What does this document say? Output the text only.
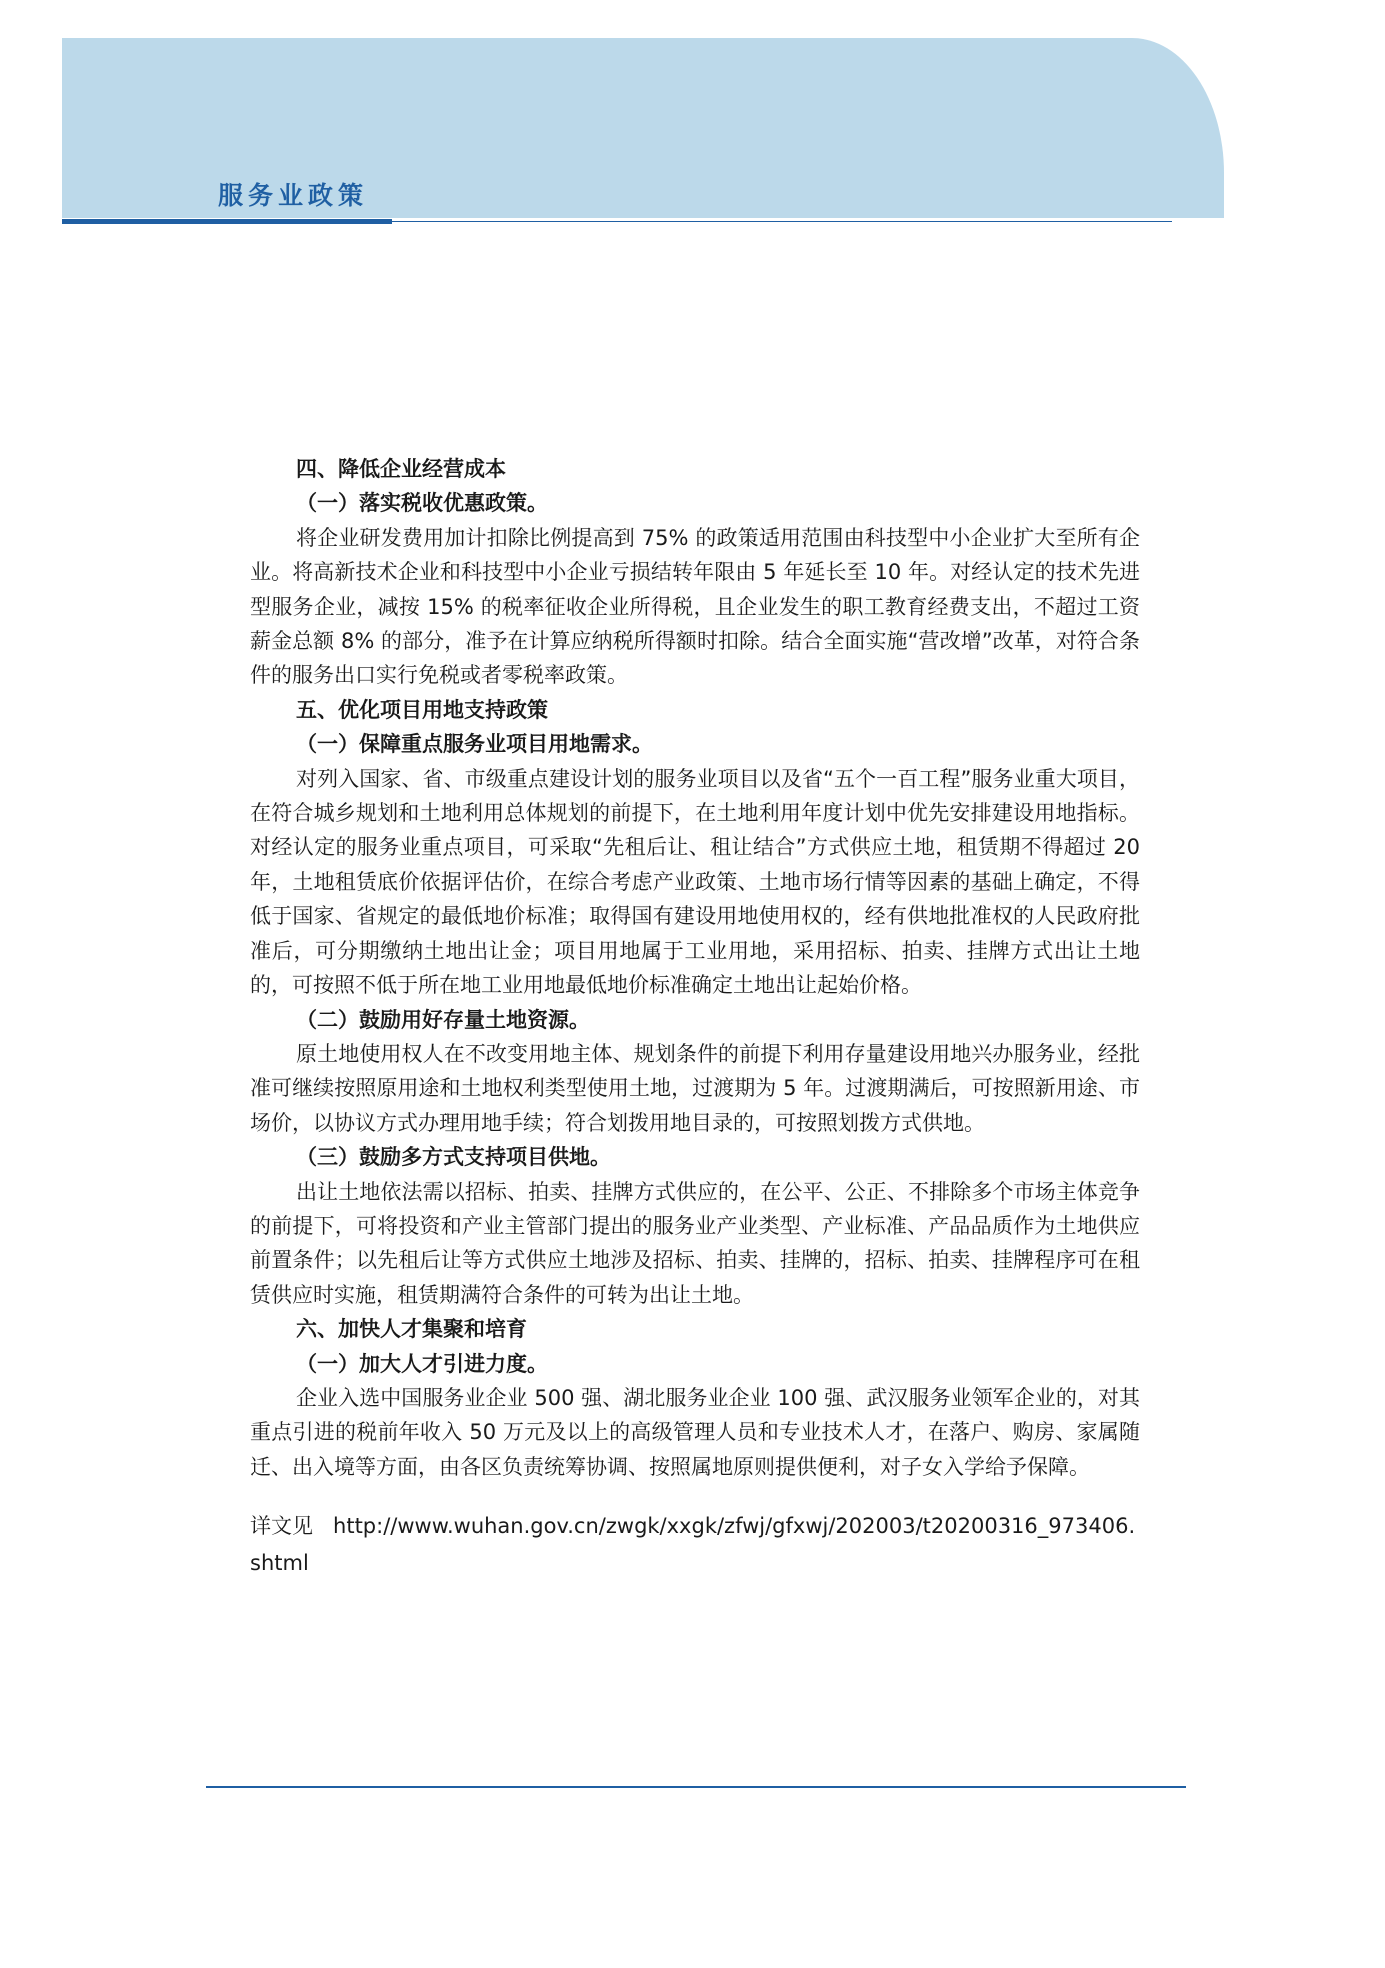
服务业政策
四、降低企业经营成本
（一）落实税收优惠政策。
将企业研发费用加计扣除比例提高到 75% 的政策适用范围由科技型中小企业扩大至所有企业。将高新技术企业和科技型中小企业亏损结转年限由 5 年延长至 10 年。对经认定的技术先进型服务企业，减按 15% 的税率征收企业所得税，且企业发生的职工教育经费支出，不超过工资薪金总额 8% 的部分，准予在计算应纳税所得额时扣除。结合全面实施“营改增”改革，对符合条件的服务出口实行免税或者零税率政策。
五、优化项目用地支持政策
（一）保障重点服务业项目用地需求。
对列入国家、省、市级重点建设计划的服务业项目以及省“五个一百工程”服务业重大项目，在符合城乡规划和土地利用总体规划的前提下，在土地利用年度计划中优先安排建设用地指标。对经认定的服务业重点项目，可采取“先租后让、租让结合”方式供应土地，租赁期不得超过 20 年，土地租赁底价依据评估价，在综合考虑产业政策、土地市场行情等因素的基础上确定，不得低于国家、省规定的最低地价标准；取得国有建设用地使用权的，经有供地批准权的人民政府批准后，可分期缴纳土地出让金；项目用地属于工业用地，采用招标、拍卖、挂牌方式出让土地的，可按照不低于所在地工业用地最低地价标准确定土地出让起始价格。
（二）鼓励用好存量土地资源。
原土地使用权人在不改变用地主体、规划条件的前提下利用存量建设用地兴办服务业，经批准可继续按照原用途和土地权利类型使用土地，过渡期为 5 年。过渡期满后，可按照新用途、市场价，以协议方式办理用地手续；符合划拨用地目录的，可按照划拨方式供地。
（三）鼓励多方式支持项目供地。
出让土地依法需以招标、拍卖、挂牌方式供应的，在公平、公正、不排除多个市场主体竞争的前提下，可将投资和产业主管部门提出的服务业产业类型、产业标准、产品品质作为土地供应前置条件；以先租后让等方式供应土地涉及招标、拍卖、挂牌的，招标、拍卖、挂牌程序可在租赁供应时实施，租赁期满符合条件的可转为出让土地。
六、加快人才集聚和培育
（一）加大人才引进力度。
企业入选中国服务业企业 500 强、湖北服务业企业 100 强、武汉服务业领军企业的，对其重点引进的税前年收入 50 万元及以上的高级管理人员和专业技术人才，在落户、购房、家属随迁、出入境等方面，由各区负责统筹协调、按照属地原则提供便利，对子女入学给予保障。
详文见 http://www.wuhan.gov.cn/zwgk/xxgk/zfwj/gfxwj/202003/t20200316_973406.shtml
